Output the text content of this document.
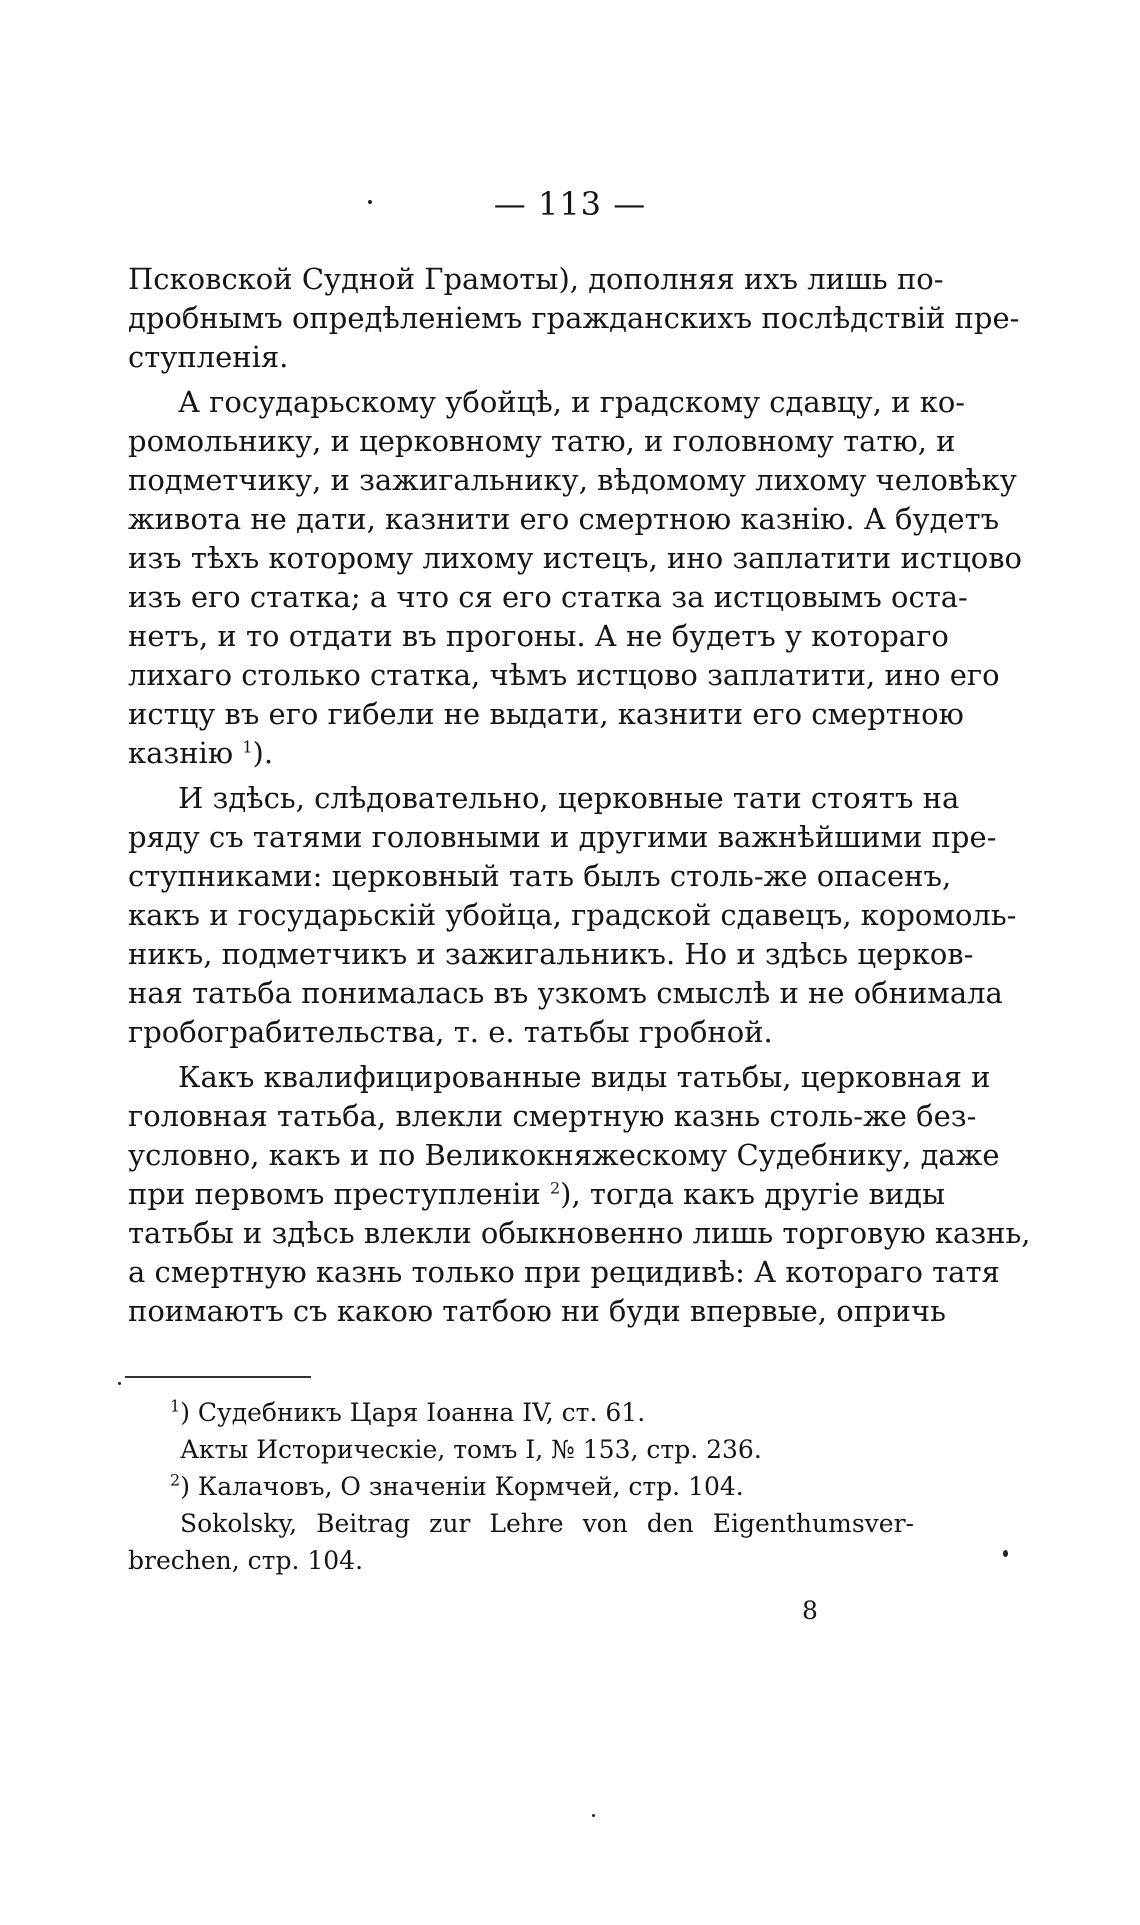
— 113 —
Псковской Судной Грамоты), дополняя ихъ лишь по-
дробнымъ опредѣленіемъ гражданскихъ послѣдствій пре-
ступленія.
А государьскому убойцѣ, и градскому сдавцу, и ко-
ромольнику, и церковному татю, и головному татю, и
подметчику, и зажигальнику, вѣдомому лихому человѣку
живота не дати, казнити его смертною казнію. А будетъ
изъ тѣхъ которому лихому истецъ, ино заплатити истцово
изъ его статка; а что ся его статка за истцовымъ оста-
нетъ, и то отдати въ прогоны. А не будетъ у котораго
лихаго столько статка, чѣмъ истцово заплатити, ино его
истцу въ его гибели не выдати, казнити его смертною
казнію $^1$).
И здѣсь, слѣдовательно, церковные тати стоятъ на
ряду съ татями головными и другими важнѣйшими пре-
ступниками: церковный тать былъ столь-же опасенъ,
какъ и государьскій убойца, градской сдавецъ, коромоль-
никъ, подметчикъ и зажигальникъ. Но и здѣсь церков-
ная татьба понималась въ узкомъ смыслѣ и не обнимала
гробограбительства, т. е. татьбы гробной.
Какъ квалифицированные виды татьбы, церковная и
головная татьба, влекли смертную казнь столь-же без-
условно, какъ и по Великокняжескому Судебнику, даже
при первомъ преступленіи $^2$), тогда какъ другіе виды
татьбы и здѣсь влекли обыкновенно лишь торговую казнь,
а смертную казнь только при рецидивѣ: А котораго татя
поимаютъ съ какою татбою ни буди впервые, опричь
$^1$) Судебникъ Царя Іоанна IV, ст. 61.
Акты Историческіе, томъ I, № 153, стр. 236.
$^2$) Калачовъ, О значеніи Кормчей, стр. 104.
Sokolsky, Beitrag zur Lehre von den Eigenthumsver-
brechen, стр. 104.
8
